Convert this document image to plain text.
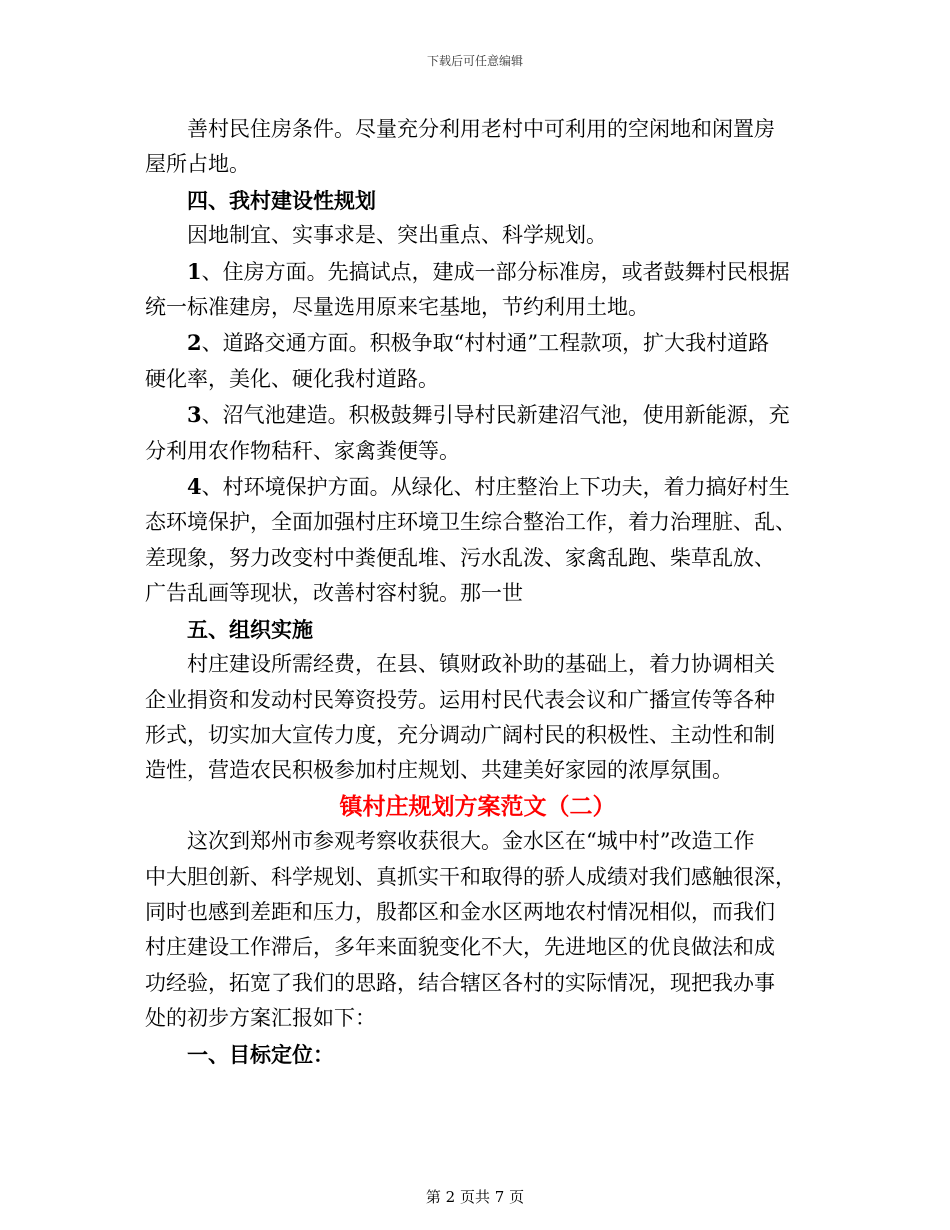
下载后可任意编辑

善村民住房条件。尽量充分利用老村中可利用的空闲地和闲置房

屋所占地。

四、我村建设性规划

因地制宜、实事求是、突出重点、科学规划。

1、住房方面。先搞试点，建成一部分标准房，或者鼓舞村民根据

统一标准建房，尽量选用原来宅基地，节约利用土地。

2、道路交通方面。积极争取“村村通”工程款项，扩大我村道路

硬化率，美化、硬化我村道路。

3、沼气池建造。积极鼓舞引导村民新建沼气池，使用新能源，充

分利用农作物秸秆、家禽粪便等。

4、村环境保护方面。从绿化、村庄整治上下功夫，着力搞好村生

态环境保护，全面加强村庄环境卫生综合整治工作，着力治理脏、乱、

差现象，努力改变村中粪便乱堆、污水乱泼、家禽乱跑、柴草乱放、

广告乱画等现状，改善村容村貌。那一世

五、组织实施

村庄建设所需经费，在县、镇财政补助的基础上，着力协调相关

企业捐资和发动村民筹资投劳。运用村民代表会议和广播宣传等各种

形式，切实加大宣传力度，充分调动广阔村民的积极性、主动性和制

造性，营造农民积极参加村庄规划、共建美好家园的浓厚氛围。

镇村庄规划方案范文（二）

这次到郑州市参观考察收获很大。金水区在“城中村”改造工作

中大胆创新、科学规划、真抓实干和取得的骄人成绩对我们感触很深，

同时也感到差距和压力，殷都区和金水区两地农村情况相似，而我们

村庄建设工作滞后，多年来面貌变化不大，先进地区的优良做法和成

功经验，拓宽了我们的思路，结合辖区各村的实际情况，现把我办事

处的初步方案汇报如下：

一、目标定位：

第 2 页共 7 页
